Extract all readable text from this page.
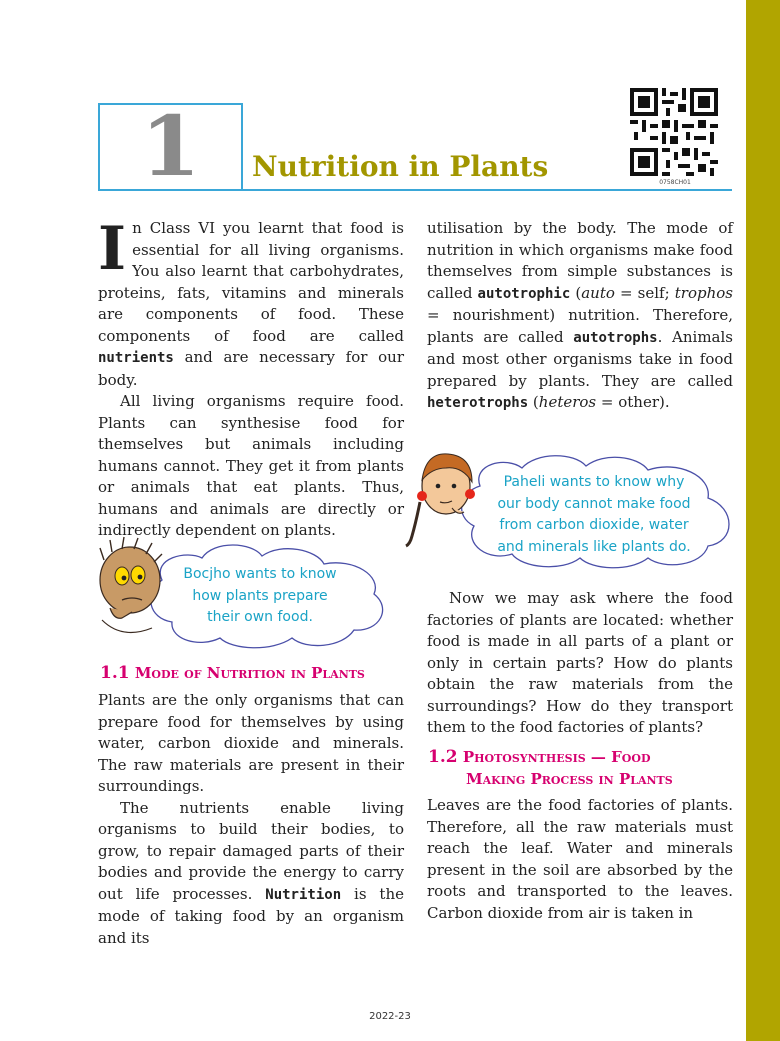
1 Nutrition in Plants	0758CH01

In Class VI you learnt that food is essential for all living organisms. You also learnt that carbohydrates, proteins, fats, vitamins and minerals are components of food. These components of food are called nutrients and are necessary for our body.

All living organisms require food. Plants can synthesise food for themselves but animals including humans cannot. They get it from plants or animals that eat plants. Thus, humans and animals are directly or indirectly dependent on plants.

Bocjho wants to know
how plants prepare
their own food.
1.1 Mode of Nutrition in Plants

Plants are the only organisms that can prepare food for themselves by using water, carbon dioxide and minerals. The raw materials are present in their surroundings.

The nutrients enable living organisms to build their bodies, to grow, to repair damaged parts of their bodies and provide the energy to carry out life processes. Nutrition is the mode of taking food by an organism and its

utilisation by the body. The mode of nutrition in which organisms make food themselves from simple substances is called autotrophic (auto = self; trophos = nourishment) nutrition. Therefore, plants are called autotrophs. Animals and most other organisms take in food prepared by plants. They are called heterotrophs (heteros = other).

Paheli wants to know why
our body cannot make food
from carbon dioxide, water
and minerals like plants do.

Now we may ask where the food factories of plants are located: whether food is made in all parts of a plant or only in certain parts? How do plants obtain the raw materials from the surroundings? How do they transport them to the food factories of plants?

1.2 Photosynthesis — Food
Making Process in Plants

Leaves are the food factories of plants. Therefore, all the raw materials must reach the leaf. Water and minerals present in the soil are absorbed by the roots and transported to the leaves. Carbon dioxide from air is taken in

2022-23
